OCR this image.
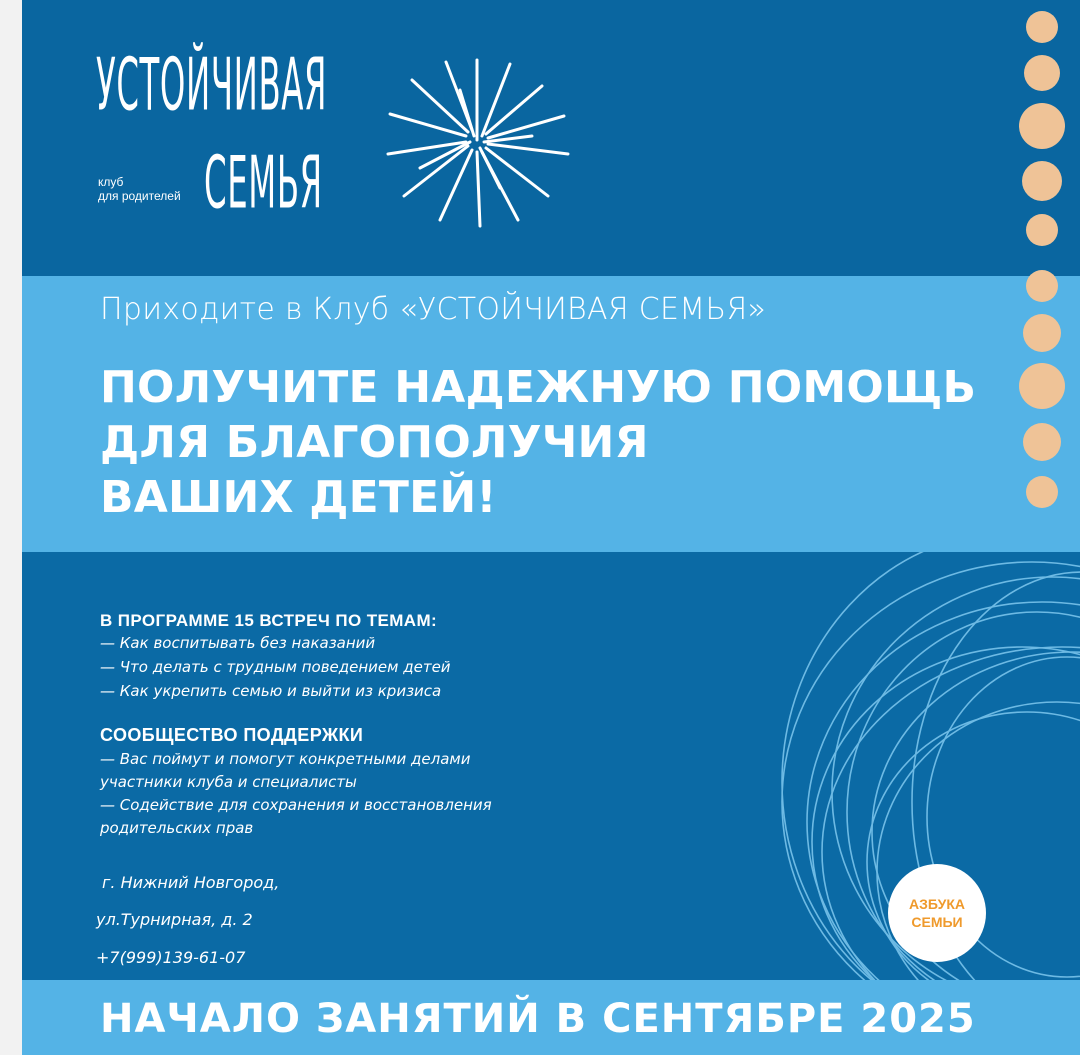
УСТОЙЧИВАЯ
СЕМЬЯ
клуб
для родителей
Приходите в Клуб «УСТОЙЧИВАЯ СЕМЬЯ»
ПОЛУЧИТЕ НАДЕЖНУЮ ПОМОЩЬ
ДЛЯ БЛАГОПОЛУЧИЯ
ВАШИХ ДЕТЕЙ!
В ПРОГРАММЕ 15 ВСТРЕЧ ПО ТЕМАМ:
— Как воспитывать без наказаний
— Что делать с трудным поведением детей
— Как укрепить семью и выйти из кризиса
СООБЩЕСТВО ПОДДЕРЖКИ
— Вас поймут и помогут конкретными делами
участники клуба и специалисты
— Содействие для сохранения и восстановления
родительских прав
г. Нижний Новгород,
ул.Турнирная, д. 2
+7(999)139-61-07
АЗБУКА
СЕМЬИ
НАЧАЛО ЗАНЯТИЙ В СЕНТЯБРЕ 2025
